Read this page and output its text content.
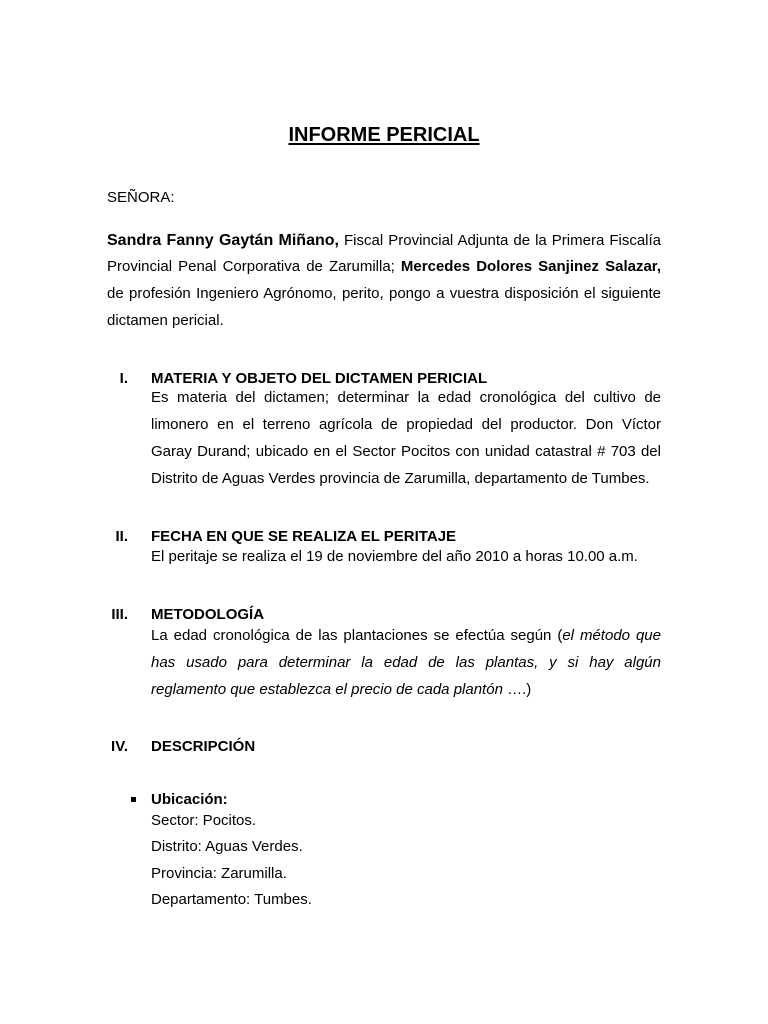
INFORME PERICIAL
SEÑORA:
Sandra Fanny Gaytán Miñano, Fiscal Provincial Adjunta de la Primera Fiscalía
Provincial Penal Corporativa de Zarumilla; Mercedes Dolores Sanjinez Salazar,
de profesión Ingeniero Agrónomo, perito, pongo a vuestra disposición el siguiente
dictamen pericial.
I. MATERIA Y OBJETO DEL DICTAMEN PERICIAL
Es materia del dictamen; determinar la edad cronológica del cultivo de
limonero en el terreno agrícola de propiedad del productor. Don Víctor
Garay Durand; ubicado en el Sector Pocitos con unidad catastral # 703 del
Distrito de Aguas Verdes provincia de Zarumilla, departamento de Tumbes.
II. FECHA EN QUE SE REALIZA EL PERITAJE
El peritaje se realiza el 19 de noviembre del año 2010 a horas 10.00 a.m.
III. METODOLOGÍA
La edad cronológica de las plantaciones se efectúa según (el método que
has usado para determinar la edad de las plantas, y si hay algún
reglamento que establezca el precio de cada plantón ….)
IV. DESCRIPCIÓN
Ubicación:
Sector: Pocitos.
Distrito: Aguas Verdes.
Provincia: Zarumilla.
Departamento: Tumbes.
